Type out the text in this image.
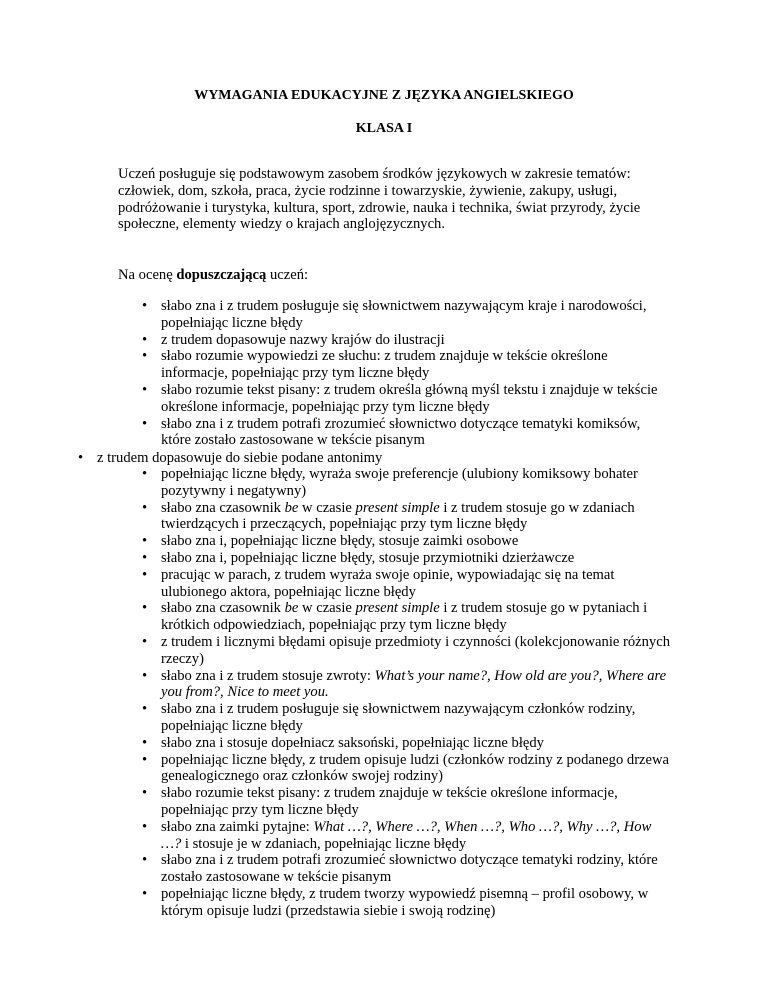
WYMAGANIA EDUKACYJNE Z JĘZYKA ANGIELSKIEGO
KLASA I

Uczeń posługuje się podstawowym zasobem środków językowych w zakresie tematów: człowiek, dom, szkoła, praca, życie rodzinne i towarzyskie, żywienie, zakupy, usługi, podróżowanie i turystyka, kultura, sport, zdrowie, nauka i technika, świat przyrody, życie społeczne, elementy wiedzy o krajach anglojęzycznych.

Na ocenę dopuszczającą uczeń:

• słabo zna i z trudem posługuje się słownictwem nazywającym kraje i narodowości, popełniając liczne błędy
• z trudem dopasowuje nazwy krajów do ilustracji
• słabo rozumie wypowiedzi ze słuchu: z trudem znajduje w tekście określone informacje, popełniając przy tym liczne błędy
• słabo rozumie tekst pisany: z trudem określa główną myśl tekstu i znajduje w tekście określone informacje, popełniając przy tym liczne błędy
• słabo zna i z trudem potrafi zrozumieć słownictwo dotyczące tematyki komiksów, które zostało zastosowane w tekście pisanym
• z trudem dopasowuje do siebie podane antonimy
• popełniając liczne błędy, wyraża swoje preferencje (ulubiony komiksowy bohater pozytywny i negatywny)
• słabo zna czasownik be w czasie present simple i z trudem stosuje go w zdaniach twierdzących i przeczących, popełniając przy tym liczne błędy
• słabo zna i, popełniając liczne błędy, stosuje zaimki osobowe
• słabo zna i, popełniając liczne błędy, stosuje przymiotniki dzierżawcze
• pracując w parach, z trudem wyraża swoje opinie, wypowiadając się na temat ulubionego aktora, popełniając liczne błędy
• słabo zna czasownik be w czasie present simple i z trudem stosuje go w pytaniach i krótkich odpowiedziach, popełniając przy tym liczne błędy
• z trudem i licznymi błędami opisuje przedmioty i czynności (kolekcjonowanie różnych rzeczy)
• słabo zna i z trudem stosuje zwroty: What’s your name?, How old are you?, Where are you from?, Nice to meet you.
• słabo zna i z trudem posługuje się słownictwem nazywającym członków rodziny, popełniając liczne błędy
• słabo zna i stosuje dopełniacz saksoński, popełniając liczne błędy
• popełniając liczne błędy, z trudem opisuje ludzi (członków rodziny z podanego drzewa genealogicznego oraz członków swojej rodziny)
• słabo rozumie tekst pisany: z trudem znajduje w tekście określone informacje, popełniając przy tym liczne błędy
• słabo zna zaimki pytajne: What …?, Where …?, When …?, Who …?, Why …?, How …? i stosuje je w zdaniach, popełniając liczne błędy
• słabo zna i z trudem potrafi zrozumieć słownictwo dotyczące tematyki rodziny, które zostało zastosowane w tekście pisanym
• popełniając liczne błędy, z trudem tworzy wypowiedź pisemną – profil osobowy, w którym opisuje ludzi (przedstawia siebie i swoją rodzinę)
